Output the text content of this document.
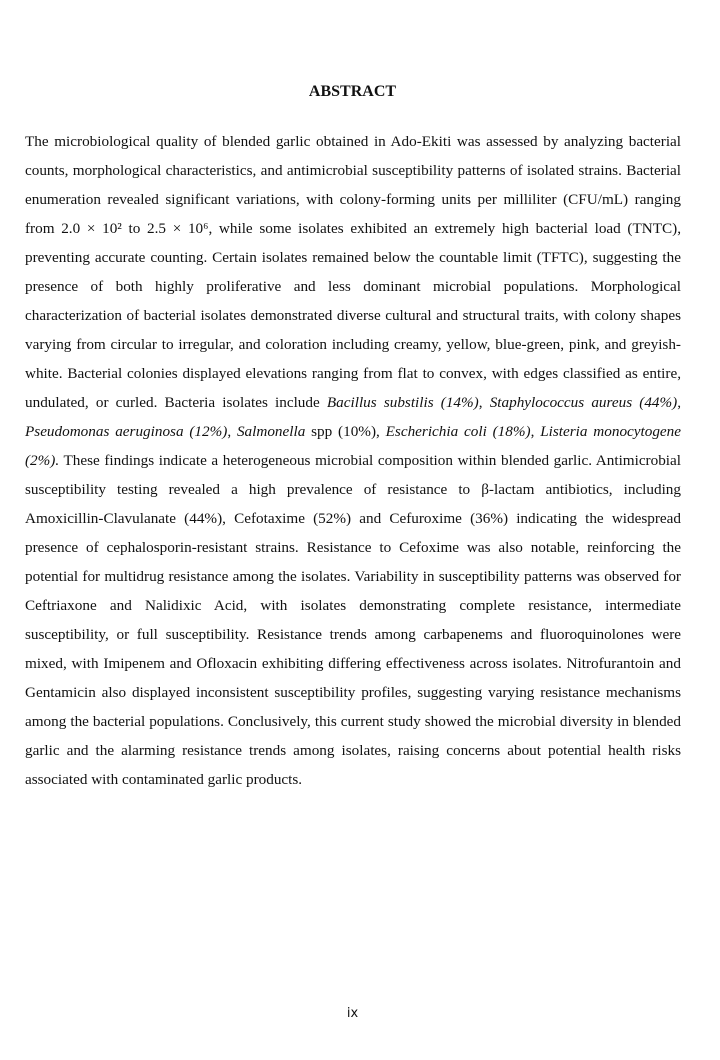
ABSTRACT

The microbiological quality of blended garlic obtained in Ado-Ekiti was assessed by analyzing bacterial counts, morphological characteristics, and antimicrobial susceptibility patterns of isolated strains. Bacterial enumeration revealed significant variations, with colony-forming units per milliliter (CFU/mL) ranging from 2.0 × 10² to 2.5 × 10⁶, while some isolates exhibited an extremely high bacterial load (TNTC), preventing accurate counting. Certain isolates remained below the countable limit (TFTC), suggesting the presence of both highly proliferative and less dominant microbial populations. Morphological characterization of bacterial isolates demonstrated diverse cultural and structural traits, with colony shapes varying from circular to irregular, and coloration including creamy, yellow, blue-green, pink, and greyish-white. Bacterial colonies displayed elevations ranging from flat to convex, with edges classified as entire, undulated, or curled. Bacteria isolates include Bacillus substilis (14%), Staphylococcus aureus (44%), Pseudomonas aeruginosa (12%), Salmonella spp (10%), Escherichia coli (18%), Listeria monocytogene (2%). These findings indicate a heterogeneous microbial composition within blended garlic. Antimicrobial susceptibility testing revealed a high prevalence of resistance to β-lactam antibiotics, including Amoxicillin-Clavulanate (44%), Cefotaxime (52%) and Cefuroxime (36%) indicating the widespread presence of cephalosporin-resistant strains. Resistance to Cefoxime was also notable, reinforcing the potential for multidrug resistance among the isolates. Variability in susceptibility patterns was observed for Ceftriaxone and Nalidixic Acid, with isolates demonstrating complete resistance, intermediate susceptibility, or full susceptibility. Resistance trends among carbapenems and fluoroquinolones were mixed, with Imipenem and Ofloxacin exhibiting differing effectiveness across isolates. Nitrofurantoin and Gentamicin also displayed inconsistent susceptibility profiles, suggesting varying resistance mechanisms among the bacterial populations. Conclusively, this current study showed the microbial diversity in blended garlic and the alarming resistance trends among isolates, raising concerns about potential health risks associated with contaminated garlic products.

ix
